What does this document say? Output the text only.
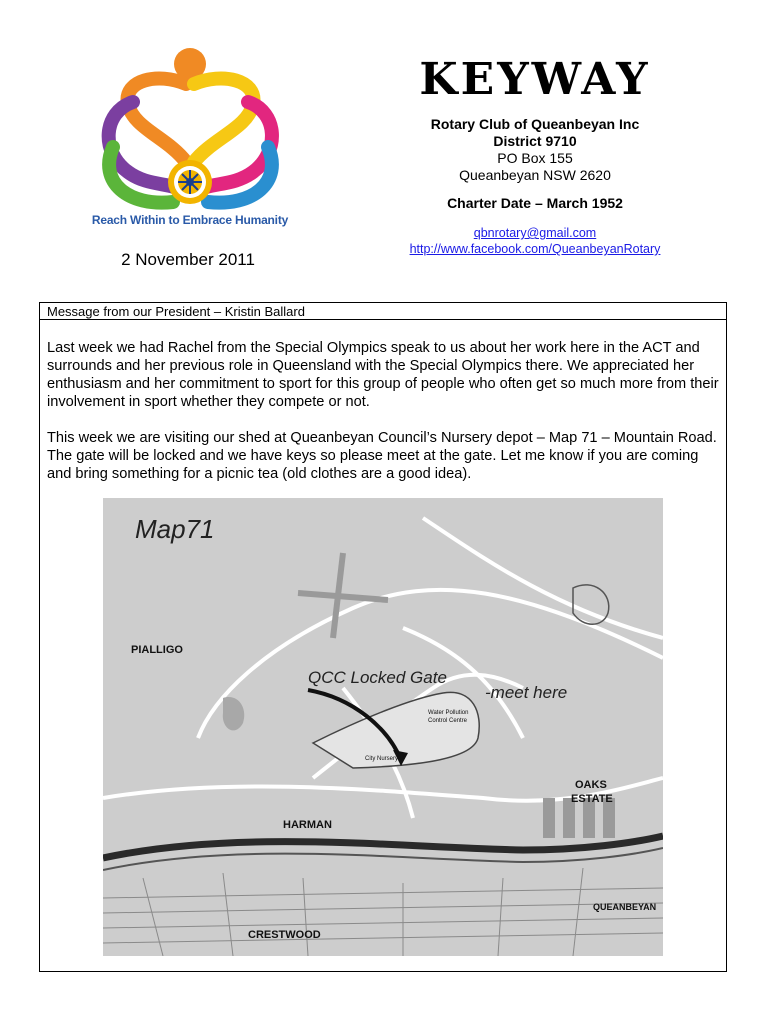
Reach Within to Embrace Humanity
2 November 2011
KEYWAY
Rotary Club of Queanbeyan Inc
District 9710
PO Box 155
Queanbeyan NSW 2620
Charter Date – March 1952
qbnrotary@gmail.com
http://www.facebook.com/QueanbeyanRotary
Message from our President – Kristin Ballard
Last week we had Rachel from the Special Olympics speak to us about her work here in the ACT and surrounds and her previous role in Queensland with the Special Olympics there. We appreciated her enthusiasm and her commitment to sport for this group of people who often get so much more from their involvement in sport whether they compete or not.
This week we are visiting our shed at Queanbeyan Council’s Nursery depot – Map 71 – Mountain Road. The gate will be locked and we have keys so please meet at the gate. Let me know if you are coming and bring something for a picnic tea (old clothes are a good idea).
Map71
QCC Locked Gate
-meet here
PIALLIGO
HARMAN
OAKS
ESTATE
CRESTWOOD
QUEANBEYAN
Water Pollution
Control Centre
City Nursery
